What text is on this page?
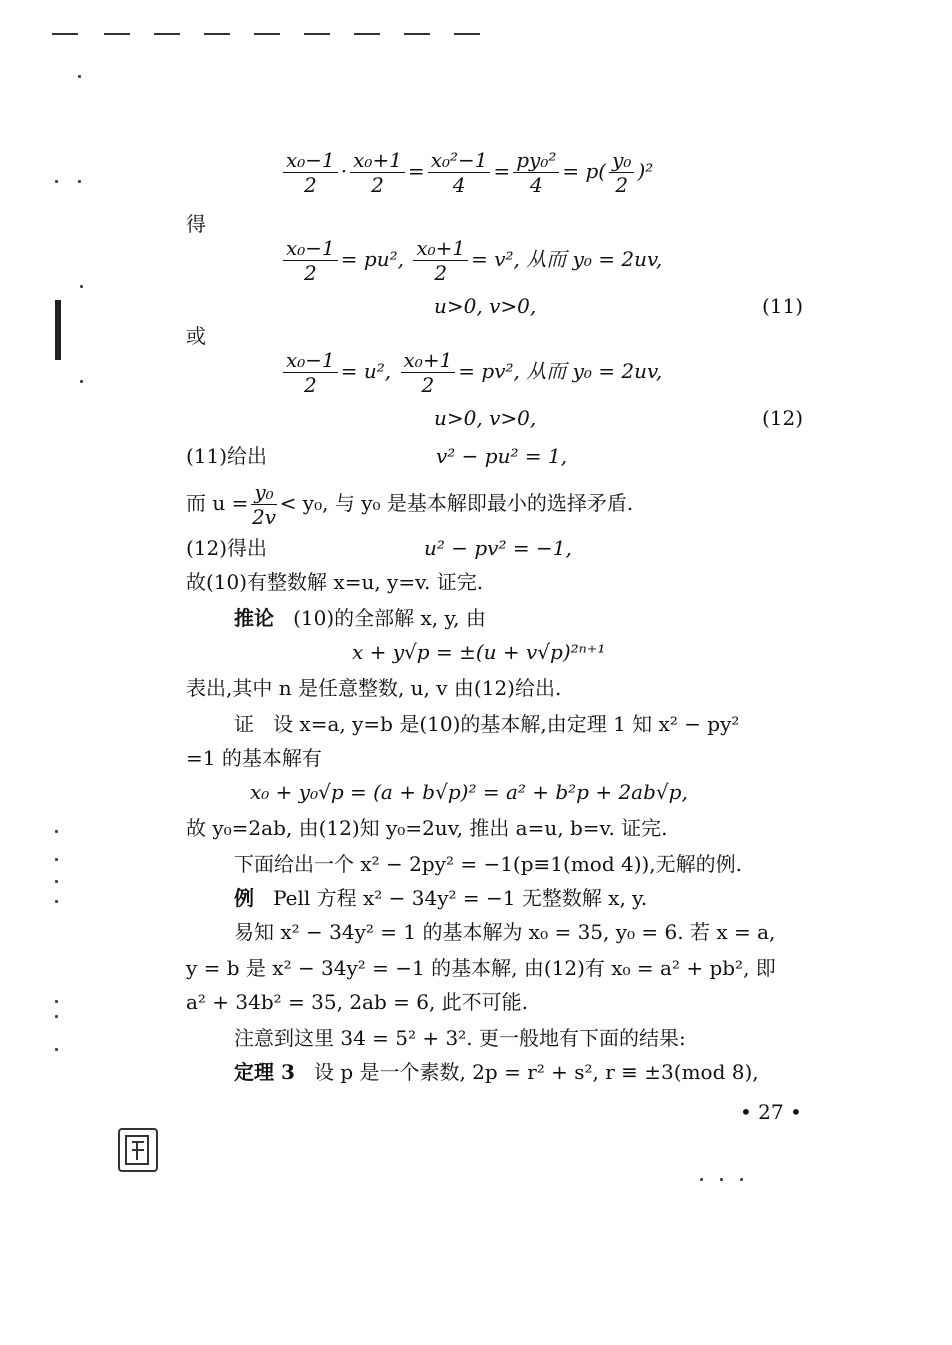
$\frac{\text{x₀−1}}{2} \cdot \frac{\text{x₀+1}}{2} = \frac{\text{x₀²−1}}{4} = \frac{\text{py₀²}}{4} = p( \frac{\text{y₀}}{2} )^2$
得
$\frac{\text{x₀−1}}{2} = pu^2$, $\frac{\text{x₀+1}}{2} = v^2$, 从而 y₀ = 2uv,
u>0, v>0,	(11)
或
$\frac{\text{x₀−1}}{2} = u^2$, $\frac{\text{x₀+1}}{2} = pv^2$, 从而 y₀ = 2uv,
u>0, v>0,	(12)
(11)给出	v² − pu² = 1,
而 $u = \frac{\text{y₀}}{2v} < y_0$, 与 y₀ 是基本解即最小的选择矛盾.
(12)得出	u² − pv² = −1,
故(10)有整数解 x=u, y=v. 证完.
推论 (10)的全部解 x, y, 由
x + y√p = ±(u + v√p)²ⁿ⁺¹
表出,其中 n 是任意整数, u, v 由(12)给出.
证 设 x=a, y=b 是(10)的基本解,由定理 1 知 x² − py²
=1 的基本解有
x₀ + y₀√p = (a + b√p)² = a² + b²p + 2ab√p,
故 y₀=2ab, 由(12)知 y₀=2uv, 推出 a=u, b=v. 证完.
下面给出一个 x² − 2py² = −1(p≡1(mod 4)),无解的例.
例 Pell 方程 x² − 34y² = −1 无整数解 x, y.
易知 x² − 34y² = 1 的基本解为 x₀ = 35, y₀ = 6. 若 x = a,
y = b 是 x² − 34y² = −1 的基本解, 由(12)有 x₀ = a² + pb², 即
a² + 34b² = 35, 2ab = 6, 此不可能.
注意到这里 34 = 5² + 3². 更一般地有下面的结果:
定理 3 设 p 是一个素数, 2p = r² + s², r ≡ ±3(mod 8),
• 27 •
